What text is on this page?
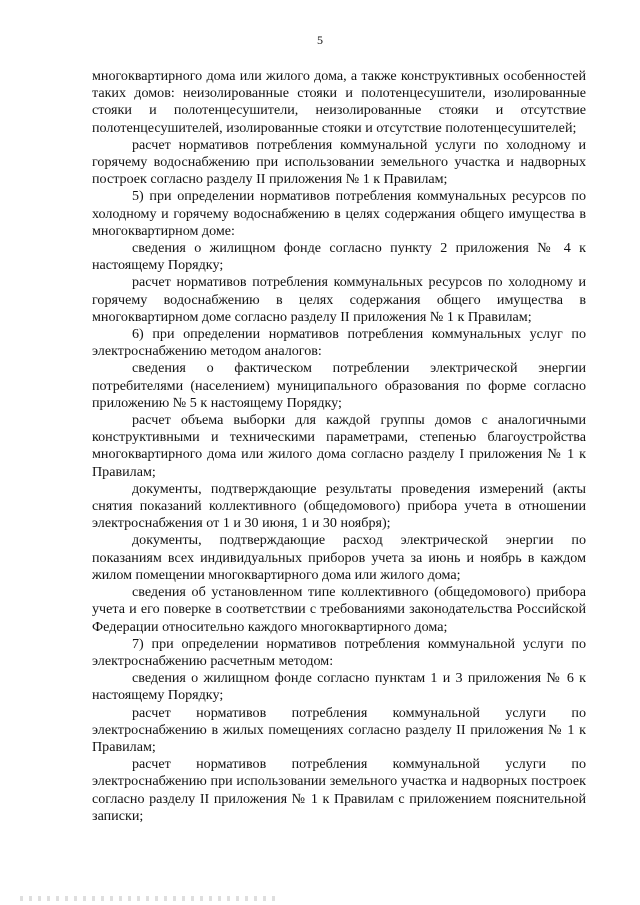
5

многоквартирного дома или жилого дома, а также конструктивных особенностей таких домов: неизолированные стояки и полотенцесушители, изолированные стояки и полотенцесушители, неизолированные стояки и отсутствие полотенцесушителей, изолированные стояки и отсутствие полотенцесушителей;

расчет нормативов потребления коммунальной услуги по холодному и горячему водоснабжению при использовании земельного участка и надворных построек согласно разделу II приложения № 1 к Правилам;

5) при определении нормативов потребления коммунальных ресурсов по холодному и горячему водоснабжению в целях содержания общего имущества в многоквартирном доме:

сведения о жилищном фонде согласно пункту 2 приложения № 4 к настоящему Порядку;

расчет нормативов потребления коммунальных ресурсов по холодному и горячему водоснабжению в целях содержания общего имущества в многоквартирном доме согласно разделу II приложения № 1 к Правилам;

6) при определении нормативов потребления коммунальных услуг по электроснабжению методом аналогов:

сведения о фактическом потреблении электрической энергии потребителями (населением) муниципального образования по форме согласно приложению № 5 к настоящему Порядку;

расчет объема выборки для каждой группы домов с аналогичными конструктивными и техническими параметрами, степенью благоустройства многоквартирного дома или жилого дома согласно разделу I приложения № 1 к Правилам;

документы, подтверждающие результаты проведения измерений (акты снятия показаний коллективного (общедомового) прибора учета в отношении электроснабжения от 1 и 30 июня, 1 и 30 ноября);

документы, подтверждающие расход электрической энергии по показаниям всех индивидуальных приборов учета за июнь и ноябрь в каждом жилом помещении многоквартирного дома или жилого дома;

сведения об установленном типе коллективного (общедомового) прибора учета и его поверке в соответствии с требованиями законодательства Российской Федерации относительно каждого многоквартирного дома;

7) при определении нормативов потребления коммунальной услуги по электроснабжению расчетным методом:

сведения о жилищном фонде согласно пунктам 1 и 3 приложения № 6 к настоящему Порядку;

расчет нормативов потребления коммунальной услуги по электроснабжению в жилых помещениях согласно разделу II приложения № 1 к Правилам;

расчет нормативов потребления коммунальной услуги по электроснабжению при использовании земельного участка и надворных построек согласно разделу II приложения № 1 к Правилам с приложением пояснительной записки;
